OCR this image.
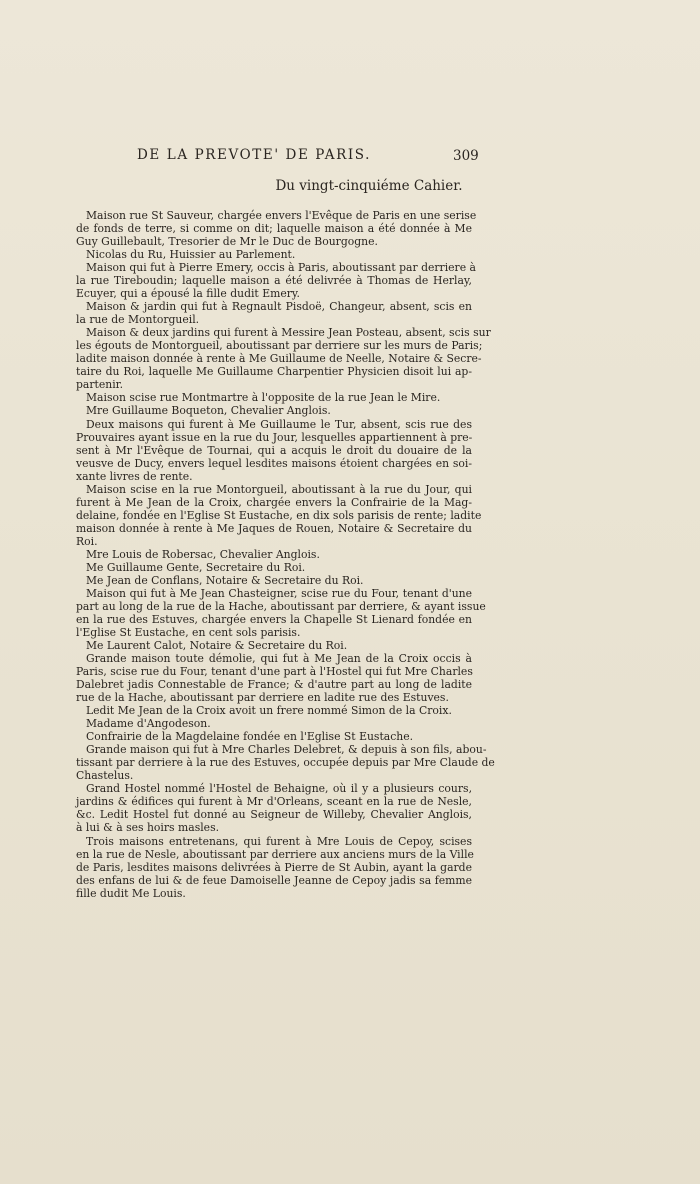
DE LA PREVOTE' DE PARIS.	309
Du vingt-cinquiéme Cahier.

Maison rue St Sauveur, chargée envers l'Evêque de Paris en une serise
de fonds de terre, si comme on dit; laquelle maison a été donnée à Me
Guy Guillebault, Tresorier de Mr le Duc de Bourgogne.

Nicolas du Ru, Huissier au Parlement.

Maison qui fut à Pierre Emery, occis à Paris, aboutissant par derriere à
la rue Tireboudin; laquelle maison a été delivrée à Thomas de Herlay,
Ecuyer, qui a épousé la fille dudit Emery.

Maison & jardin qui fut à Regnault Pisdoë, Changeur, absent, scis en
la rue de Montorgueil.

Maison & deux jardins qui furent à Messire Jean Posteau, absent, scis sur
les égouts de Montorgueil, aboutissant par derriere sur les murs de Paris;
ladite maison donnée à rente à Me Guillaume de Neelle, Notaire & Secre-
taire du Roi, laquelle Me Guillaume Charpentier Physicien disoit lui ap-
partenir.

Maison scise rue Montmartre à l'opposite de la rue Jean le Mire.

Mre Guillaume Boqueton, Chevalier Anglois.

Deux maisons qui furent à Me Guillaume le Tur, absent, scis rue des
Prouvaires ayant issue en la rue du Jour, lesquelles appartiennent à pre-
sent à Mr l'Evêque de Tournai, qui a acquis le droit du douaire de la
veusve de Ducy, envers lequel lesdites maisons étoient chargées en soi-
xante livres de rente.

Maison scise en la rue Montorgueil, aboutissant à la rue du Jour, qui
furent à Me Jean de la Croix, chargée envers la Confrairie de la Mag-
delaine, fondée en l'Eglise St Eustache, en dix sols parisis de rente; ladite
maison donnée à rente à Me Jaques de Rouen, Notaire & Secretaire du
Roi.

Mre Louis de Robersac, Chevalier Anglois.

Me Guillaume Gente, Secretaire du Roi.

Me Jean de Conflans, Notaire & Secretaire du Roi.

Maison qui fut à Me Jean Chasteigner, scise rue du Four, tenant d'une
part au long de la rue de la Hache, aboutissant par derriere, & ayant issue
en la rue des Estuves, chargée envers la Chapelle St Lienard fondée en
l'Eglise St Eustache, en cent sols parisis.

Me Laurent Calot, Notaire & Secretaire du Roi.

Grande maison toute démolie, qui fut à Me Jean de la Croix occis à
Paris, scise rue du Four, tenant d'une part à l'Hostel qui fut Mre Charles
Dalebret jadis Connestable de France; & d'autre part au long de ladite
rue de la Hache, aboutissant par derriere en ladite rue des Estuves.

Ledit Me Jean de la Croix avoit un frere nommé Simon de la Croix.

Madame d'Angodeson.

Confrairie de la Magdelaine fondée en l'Eglise St Eustache.

Grande maison qui fut à Mre Charles Delebret, & depuis à son fils, abou-
tissant par derriere à la rue des Estuves, occupée depuis par Mre Claude de
Chastelus.

Grand Hostel nommé l'Hostel de Behaigne, où il y a plusieurs cours,
jardins & édifices qui furent à Mr d'Orleans, sceant en la rue de Nesle,
&c. Ledit Hostel fut donné au Seigneur de Willeby, Chevalier Anglois,
à lui & à ses hoirs masles.

Trois maisons entretenans, qui furent à Mre Louis de Cepoy, scises
en la rue de Nesle, aboutissant par derriere aux anciens murs de la Ville
de Paris, lesdites maisons delivrées à Pierre de St Aubin, ayant la garde
des enfans de lui & de feue Damoiselle Jeanne de Cepoy jadis sa femme
fille dudit Me Louis.
